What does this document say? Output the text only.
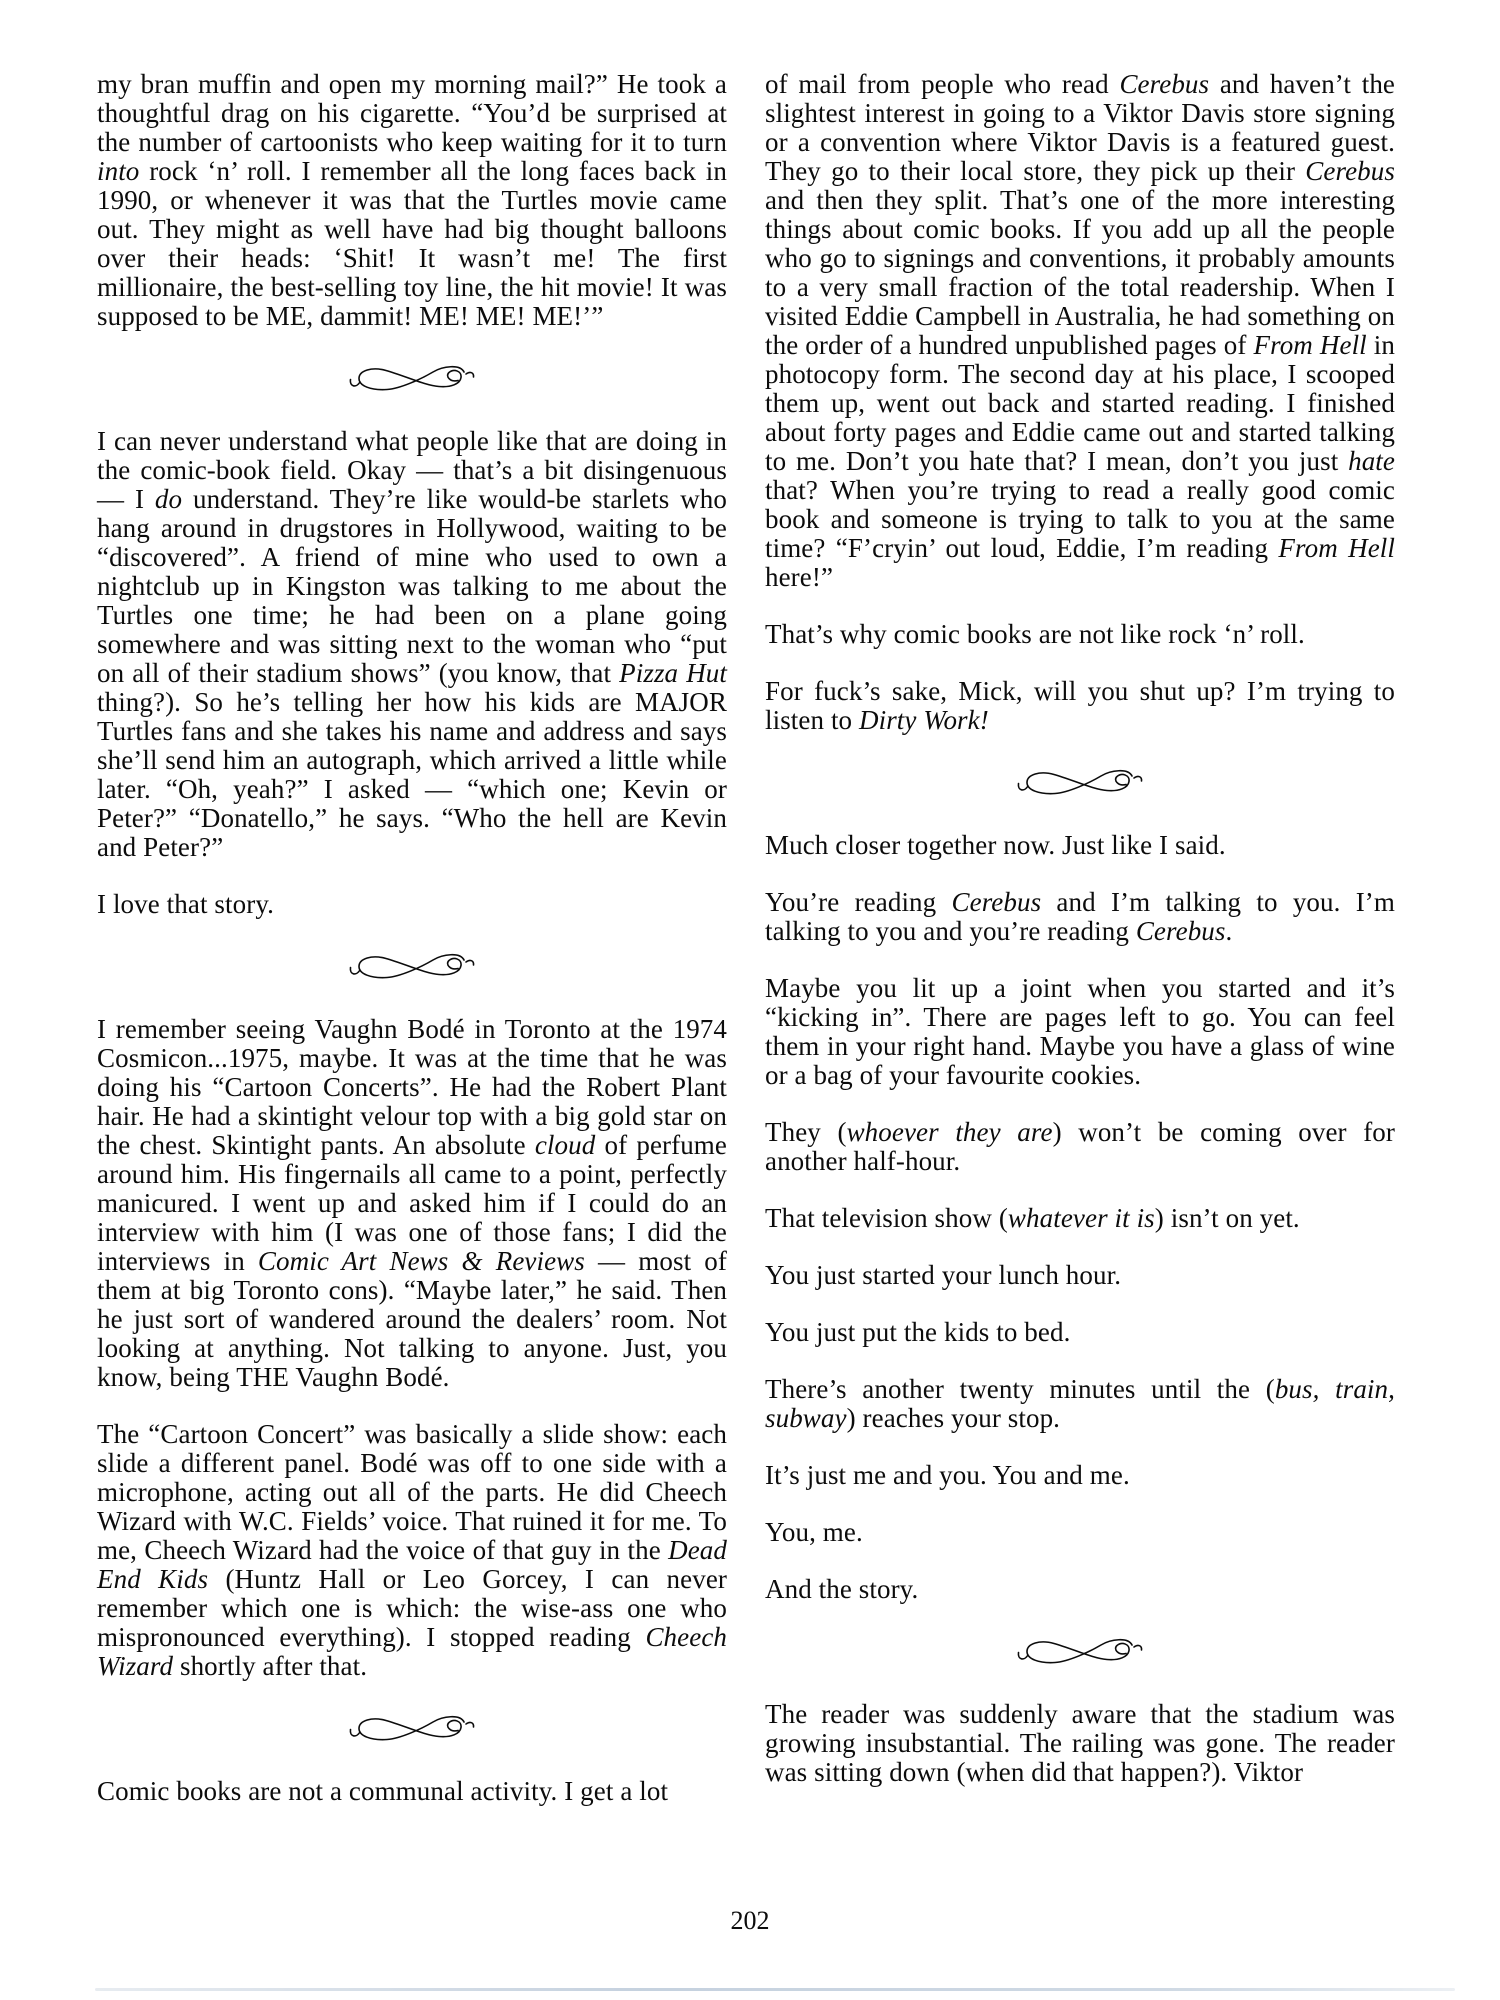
my bran muffin and open my morning mail?” He took a thoughtful drag on his cigarette. “You’d be surprised at the number of cartoonists who keep waiting for it to turn into rock ‘n’ roll. I remember all the long faces back in 1990, or whenever it was that the Turtles movie came out. They might as well have had big thought balloons over their heads: ‘Shit! It wasn’t me! The first millionaire, the best-selling toy line, the hit movie! It was supposed to be ME, dammit! ME! ME! ME!’”

I can never understand what people like that are doing in the comic-book field. Okay — that’s a bit disingenuous — I do understand. They’re like would-be starlets who hang around in drugstores in Hollywood, waiting to be “discovered”. A friend of mine who used to own a nightclub up in Kingston was talking to me about the Turtles one time; he had been on a plane going somewhere and was sitting next to the woman who “put on all of their stadium shows” (you know, that Pizza Hut thing?). So he’s telling her how his kids are MAJOR Turtles fans and she takes his name and address and says she’ll send him an autograph, which arrived a little while later. “Oh, yeah?” I asked — “which one; Kevin or Peter?” “Donatello,” he says. “Who the hell are Kevin and Peter?”

I love that story.

I remember seeing Vaughn Bodé in Toronto at the 1974 Cosmicon...1975, maybe. It was at the time that he was doing his “Cartoon Concerts”. He had the Robert Plant hair. He had a skintight velour top with a big gold star on the chest. Skintight pants. An absolute cloud of perfume around him. His fingernails all came to a point, perfectly manicured. I went up and asked him if I could do an interview with him (I was one of those fans; I did the interviews in Comic Art News & Reviews — most of them at big Toronto cons). “Maybe later,” he said. Then he just sort of wandered around the dealers’ room. Not looking at anything. Not talking to anyone. Just, you know, being THE Vaughn Bodé.

The “Cartoon Concert” was basically a slide show: each slide a different panel. Bodé was off to one side with a microphone, acting out all of the parts. He did Cheech Wizard with W.C. Fields’ voice. That ruined it for me. To me, Cheech Wizard had the voice of that guy in the Dead End Kids (Huntz Hall or Leo Gorcey, I can never remember which one is which: the wise-ass one who mispronounced everything). I stopped reading Cheech Wizard shortly after that.

Comic books are not a communal activity. I get a lot

of mail from people who read Cerebus and haven’t the slightest interest in going to a Viktor Davis store signing or a convention where Viktor Davis is a featured guest. They go to their local store, they pick up their Cerebus and then they split. That’s one of the more interesting things about comic books. If you add up all the people who go to signings and conventions, it probably amounts to a very small fraction of the total readership. When I visited Eddie Campbell in Australia, he had something on the order of a hundred unpublished pages of From Hell in photocopy form. The second day at his place, I scooped them up, went out back and started reading. I finished about forty pages and Eddie came out and started talking to me. Don’t you hate that? I mean, don’t you just hate that? When you’re trying to read a really good comic book and someone is trying to talk to you at the same time? “F’cryin’ out loud, Eddie, I’m reading From Hell here!”

That’s why comic books are not like rock ‘n’ roll.

For fuck’s sake, Mick, will you shut up? I’m trying to listen to Dirty Work!

Much closer together now. Just like I said.

You’re reading Cerebus and I’m talking to you. I’m talking to you and you’re reading Cerebus.

Maybe you lit up a joint when you started and it’s “kicking in”. There are pages left to go. You can feel them in your right hand. Maybe you have a glass of wine or a bag of your favourite cookies.

They (whoever they are) won’t be coming over for another half-hour.

That television show (whatever it is) isn’t on yet.

You just started your lunch hour.

You just put the kids to bed.

There’s another twenty minutes until the (bus, train, subway) reaches your stop.

It’s just me and you. You and me.

You, me.

And the story.

The reader was suddenly aware that the stadium was growing insubstantial. The railing was gone. The reader was sitting down (when did that happen?). Viktor

202
